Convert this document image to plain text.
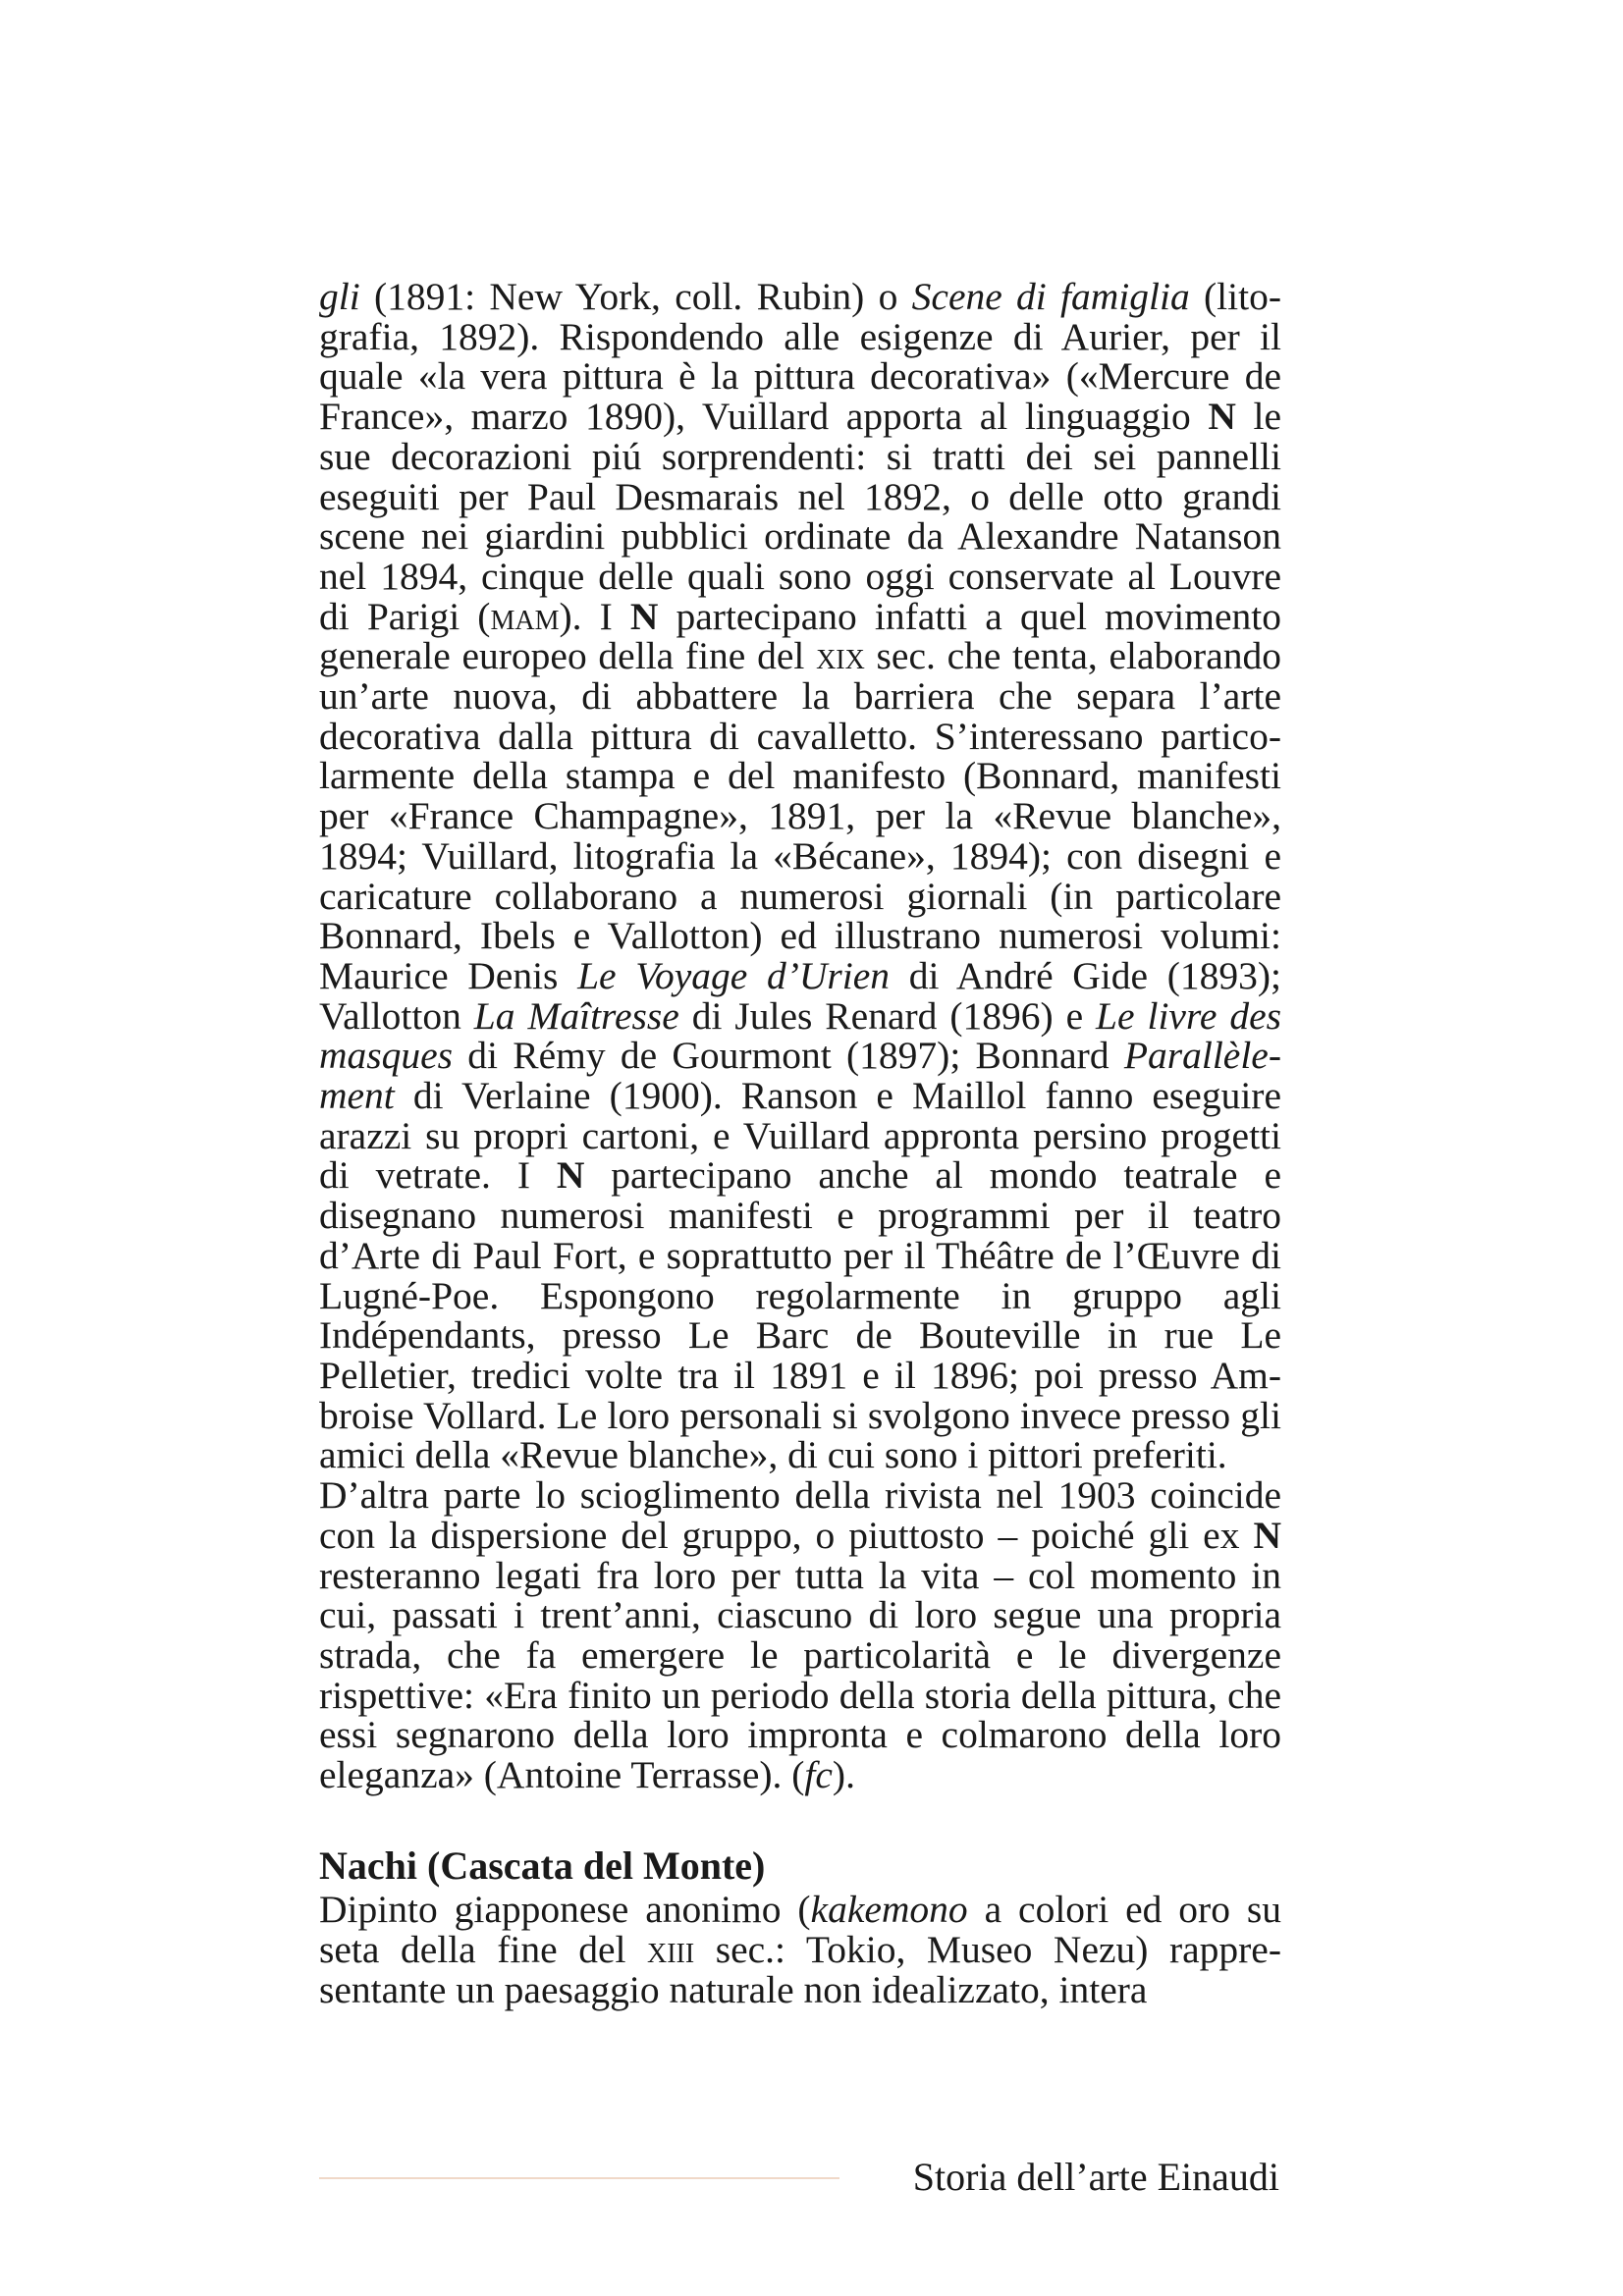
gli (1891: New York, coll. Rubin) o Scene di famiglia (litografia, 1892). Rispondendo alle esigenze di Aurier, per il quale «la vera pittura è la pittura decorativa» («Mercure de France», marzo 1890), Vuillard apporta al linguaggio N le sue decorazioni piú sorprendenti: si tratti dei sei pannelli eseguiti per Paul Desmarais nel 1892, o delle otto grandi scene nei giardini pubblici ordinate da Alexandre Natanson nel 1894, cinque delle quali sono oggi conservate al Louvre di Parigi (mam). I N partecipano infatti a quel movimento generale europeo della fine del xix sec. che tenta, elaborando un’arte nuova, di abbattere la barriera che separa l’arte decorativa dalla pittura di cavalletto. S’interessano particolarmente della stampa e del manifesto (Bonnard, manifesti per «France Champagne», 1891, per la «Revue blanche», 1894; Vuillard, litografia la «Bécane», 1894); con disegni e caricature collaborano a numerosi giornali (in particolare Bonnard, Ibels e Vallotton) ed illustrano numerosi volumi: Maurice Denis Le Voyage d’Urien di André Gide (1893); Vallotton La Maîtresse di Jules Renard (1896) e Le livre des masques di Rémy de Gourmont (1897); Bonnard Parallèlement di Verlaine (1900). Ranson e Maillol fanno eseguire arazzi su propri cartoni, e Vuillard appronta persino progetti di vetrate. I N partecipano anche al mondo teatrale e disegnano numerosi manifesti e programmi per il teatro d’Arte di Paul Fort, e soprattutto per il Théâtre de l’Œuvre di Lugné-Poe. Espongono regolarmente in gruppo agli Indépendants, presso Le Barc de Bouteville in rue Le Pelletier, tredici volte tra il 1891 e il 1896; poi presso Ambroise Vollard. Le loro personali si svolgono invece presso gli amici della «Revue blanche», di cui sono i pittori preferiti.

D’altra parte lo scioglimento della rivista nel 1903 coincide con la dispersione del gruppo, o piuttosto – poiché gli ex N resteranno legati fra loro per tutta la vita – col momento in cui, passati i trent’anni, ciascuno di loro segue una propria strada, che fa emergere le particolarità e le divergenze rispettive: «Era finito un periodo della storia della pittura, che essi segnarono della loro impronta e colmarono della loro eleganza» (Antoine Terrasse). (fc).

Nachi (Cascata del Monte)

Dipinto giapponese anonimo (kakemono a colori ed oro su seta della fine del xiii sec.: Tokio, Museo Nezu) rappresentante un paesaggio naturale non idealizzato, intera

Storia dell’arte Einaudi
